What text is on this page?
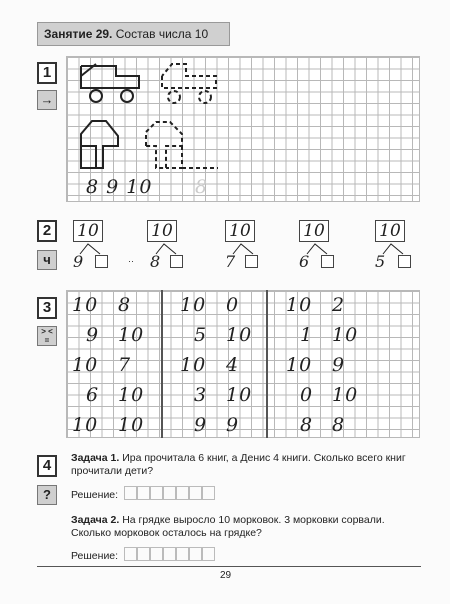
Занятие 29. Состав числа 10
1
→
8 9 10 8
2
ч
10
9
10
8
10
7
10
6
10
5
··
3
> < =
10 8
9 10
10 7
6 10
10 10
10 0
5 10
10 4
3 10
9 9
10 2
1 10
10 9
0 10
8 8
4
?
Задача 1. Ира прочитала 6 книг, а Денис 4 книги. Сколько всего книг прочитали дети?
Решение:
Задача 2. На грядке выросло 10 морковок. 3 морковки сорвали. Сколько морковок осталось на грядке?
Решение:
29
